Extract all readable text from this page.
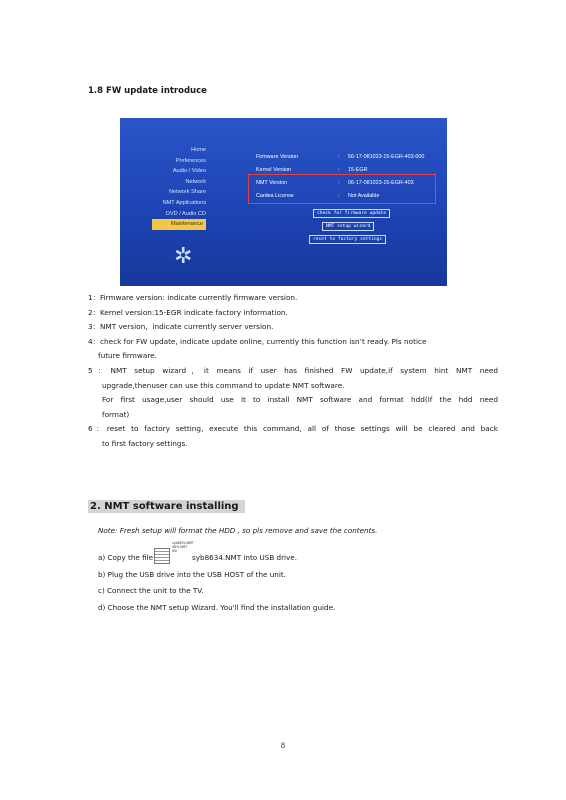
1.8 FW update introduce
Home
Preferences
Audio / Video
Network
Network Share
NMT Applications
DVD / Audio CD
Maintenance
✲
Firmware Version	:	56-17-081023-15-EGR-403-000
Kernel Version	:	15-EGR
NMT Version	:	06-17-081023-15-EGR-403
Cardea License	:	Not Available
check for firmware update
NMT setup wizard
reset to factory settings

1：Firmware version: indicate currently firmware version.

2：Kernel version:15-EGR indicate factory information.

3：NMT version，indicate currently server version.

4：check for FW update, indicate update online, currently this function isn’t ready. Pls notice

future firmware.

5：NMT setup wizard，it means if user has finished FW update,if system hint NMT need

upgrade,thenuser can use this command to update NMT software.

For first usage,user should use it to install NMT software and format hdd(if the hdd need

format)

6：reset to factory setting, execute this command, all of those settings will be cleared and back

to first factory settings.

2. NMT software installing

Note: Fresh setup will format the HDD , so pls remove and save the contents.

a) Copy the filesyb8634.NMT 98% NMT filesyb8634.NMT into USB drive.
b) Plug the USB drive into the USB HOST of the unit.
c) Connect the unit to the TV.
d) Choose the NMT setup Wizard. You'll find the installation guide.

8
